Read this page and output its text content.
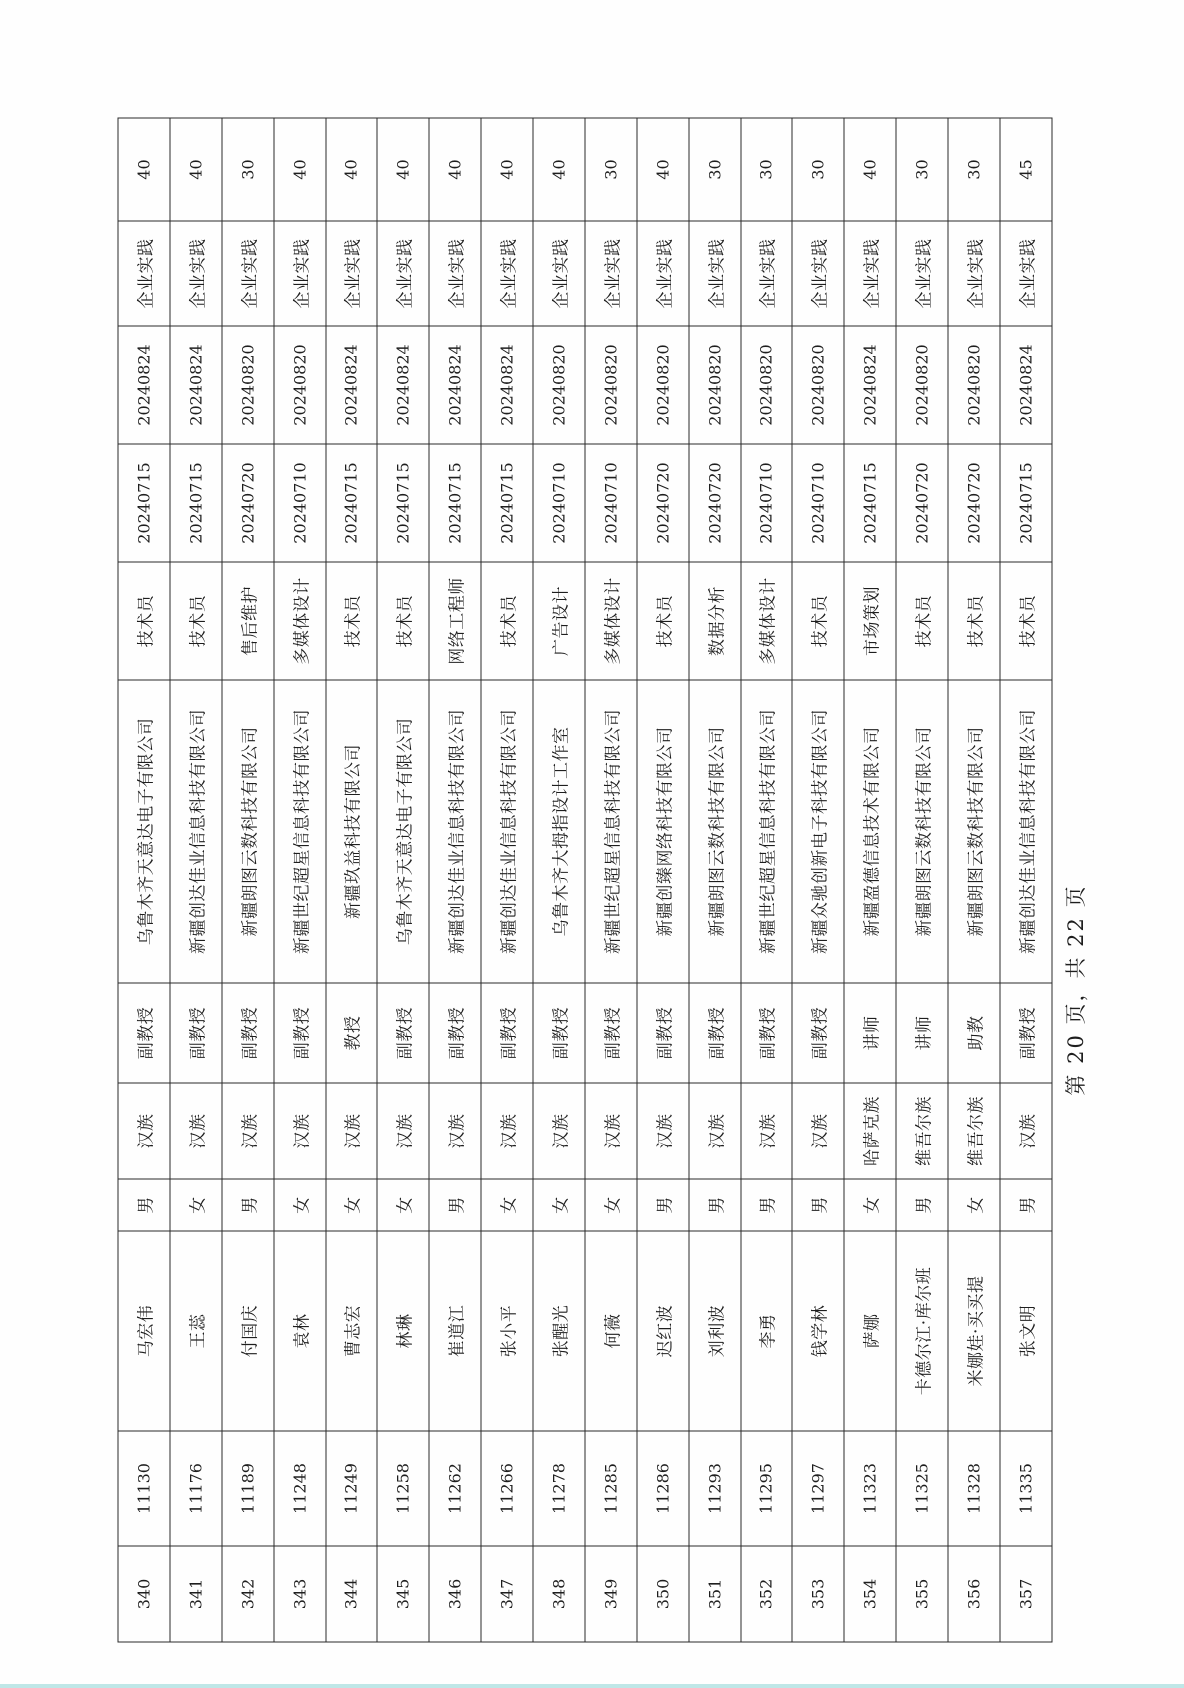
340	11130	马宏伟	男	汉族	副教授	乌鲁木齐天意达电子有限公司	技术员	20240715	20240824	企业实践	40
341	11176	王蕊	女	汉族	副教授	新疆创达佳业信息科技有限公司	技术员	20240715	20240824	企业实践	40
342	11189	付国庆	男	汉族	副教授	新疆朗图云数科技有限公司	售后维护	20240720	20240820	企业实践	30
343	11248	袁林	女	汉族	副教授	新疆世纪超星信息科技有限公司	多媒体设计	20240710	20240820	企业实践	40
344	11249	曹志宏	女	汉族	教授	新疆玖益科技有限公司	技术员	20240715	20240824	企业实践	40
345	11258	林琳	女	汉族	副教授	乌鲁木齐天意达电子有限公司	技术员	20240715	20240824	企业实践	40
346	11262	崔道江	男	汉族	副教授	新疆创达佳业信息科技有限公司	网络工程师	20240715	20240824	企业实践	40
347	11266	张小平	女	汉族	副教授	新疆创达佳业信息科技有限公司	技术员	20240715	20240824	企业实践	40
348	11278	张醒光	女	汉族	副教授	乌鲁木齐大拇指设计工作室	广告设计	20240710	20240820	企业实践	40
349	11285	何薇	女	汉族	副教授	新疆世纪超星信息科技有限公司	多媒体设计	20240710	20240820	企业实践	30
350	11286	迟红波	男	汉族	副教授	新疆创臻网络科技有限公司	技术员	20240720	20240820	企业实践	40
351	11293	刘利波	男	汉族	副教授	新疆朗图云数科技有限公司	数据分析	20240720	20240820	企业实践	30
352	11295	李勇	男	汉族	副教授	新疆世纪超星信息科技有限公司	多媒体设计	20240710	20240820	企业实践	30
353	11297	钱学林	男	汉族	副教授	新疆众驰创新电子科技有限公司	技术员	20240710	20240820	企业实践	30
354	11323	萨娜	女	哈萨克族	讲师	新疆盈德信息技术有限公司	市场策划	20240715	20240824	企业实践	40
355	11325	卡德尔江·库尔班	男	维吾尔族	讲师	新疆朗图云数科技有限公司	技术员	20240720	20240820	企业实践	30
356	11328	米娜娃·买买提	女	维吾尔族	助教	新疆朗图云数科技有限公司	技术员	20240720	20240820	企业实践	30
357	11335	张文明	男	汉族	副教授	新疆创达佳业信息科技有限公司	技术员	20240715	20240824	企业实践	45
第 20 页，共 22 页
